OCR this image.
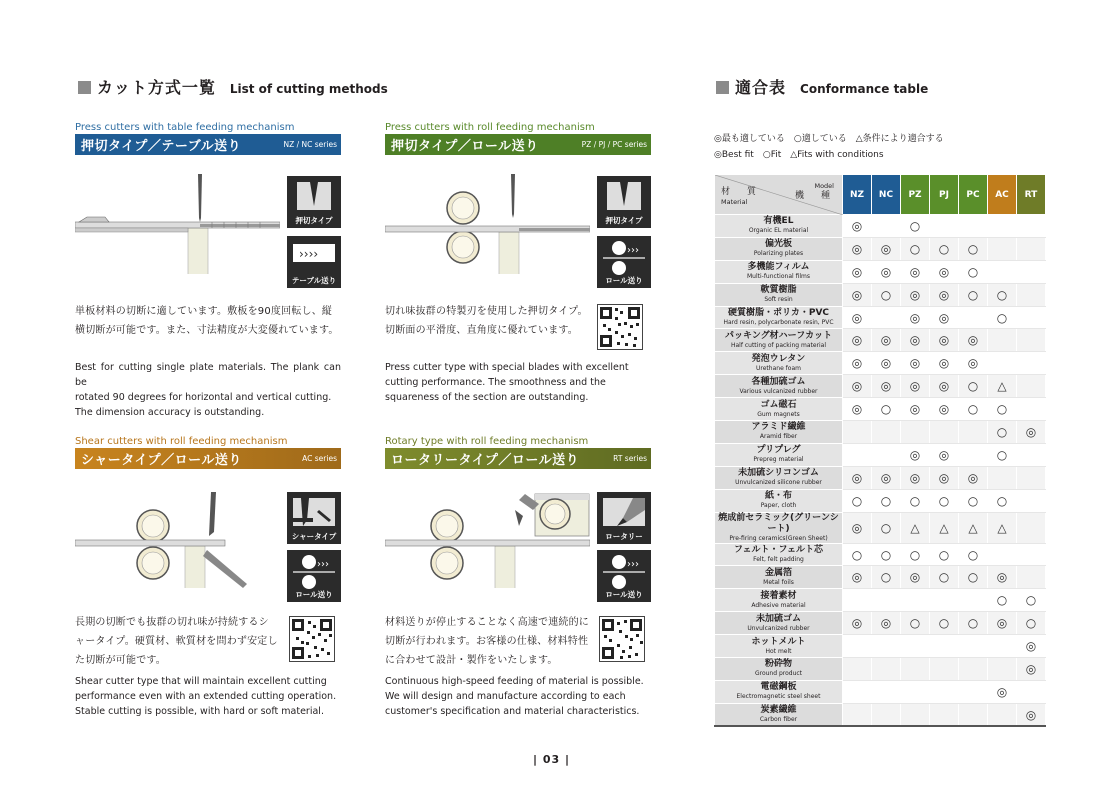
カット方式一覧 List of cutting methods	適合表 Conformance table
Press cutters with table feeding mechanism
押切タイプ／テーブル送り	NZ / NC series
押切タイプ
››››
テーブル送り
単板材料の切断に適しています。敷板を90度回転し、縦
横切断が可能です。また、寸法精度が大変優れています。
Best for cutting single plate materials. The plank can be
rotated 90 degrees for horizontal and vertical cutting.
The dimension accuracy is outstanding.
Press cutters with roll feeding mechanism
押切タイプ／ロール送り	PZ / PJ / PC series
押切タイプ
›››
ロール送り
切れ味抜群の特製刃を使用した押切タイプ。
切断面の平滑度、直角度に優れています。
Press cutter type with special blades with excellent
cutting performance. The smoothness and the
squareness of the section are outstanding.
Shear cutters with roll feeding mechanism
シャータイプ／ロール送り	AC series
シャータイプ
›››
ロール送り
長期の切断でも抜群の切れ味が持続するシ
ャータイプ。硬質材、軟質材を問わず安定し
た切断が可能です。
Shear cutter type that will maintain excellent cutting
performance even with an extended cutting operation.
Stable cutting is possible, with hard or soft material.
Rotary type with roll feeding mechanism
ロータリータイプ／ロール送り	RT series
ロータリー
›››
ロール送り
材料送りが停止することなく高速で連続的に
切断が行われます。お客様の仕様、材料特性
に合わせて設計・製作をいたします。
Continuous high-speed feeding of material is possible.
We will design and manufacture according to each
customer's specification and material characteristics.
◎最も適している　○適している　△条件により適合する
◎Best fit　○Fit　△Fits with conditions
Model
機　種
材　質
Material	NZ	NC	PZ	PJ	PC	AC	RT

有機EL
Organic EL material	◎		○				

偏光板
Polarizing plates	◎	◎	○	○	○		

多機能フィルム
Multi-functional films	◎	◎	◎	◎	○		

軟質樹脂
Soft resin	◎	○	◎	◎	○	○	

硬質樹脂・ポリカ・PVC
Hard resin, polycarbonate resin, PVC	◎		◎	◎		○	

パッキング材ハーフカット
Half cutting of packing material	◎	◎	◎	◎	◎		

発泡ウレタン
Urethane foam	◎	◎	◎	◎	◎		

各種加硫ゴム
Various vulcanized rubber	◎	◎	◎	◎	○	△	

ゴム磁石
Gum magnets	◎	○	◎	◎	○	○	

アラミド繊維
Aramid fiber						○	◎

プリプレグ
Prepreg material			◎	◎		○	

未加硫シリコンゴム
Unvulcanized silicone rubber	◎	◎	◎	◎	◎		

紙・布
Paper, cloth	○	○	○	○	○	○	

焼成前セラミック(グリーンシート)
Pre-firing ceramics(Green Sheet)	◎	○	△	△	△	△	

フェルト・フェルト芯
Felt, felt padding	○	○	○	○	○		

金属箔
Metal foils	◎	○	◎	○	○	◎	

接着素材
Adhesive material						○	○

未加硫ゴム
Unvulcanized rubber	◎	◎	○	○	○	◎	○

ホットメルト
Hot melt							◎

粉砕物
Ground product							◎

電磁鋼板
Electromagnetic steel sheet						◎	

炭素繊維
Carbon fiber							◎
| 03 |
